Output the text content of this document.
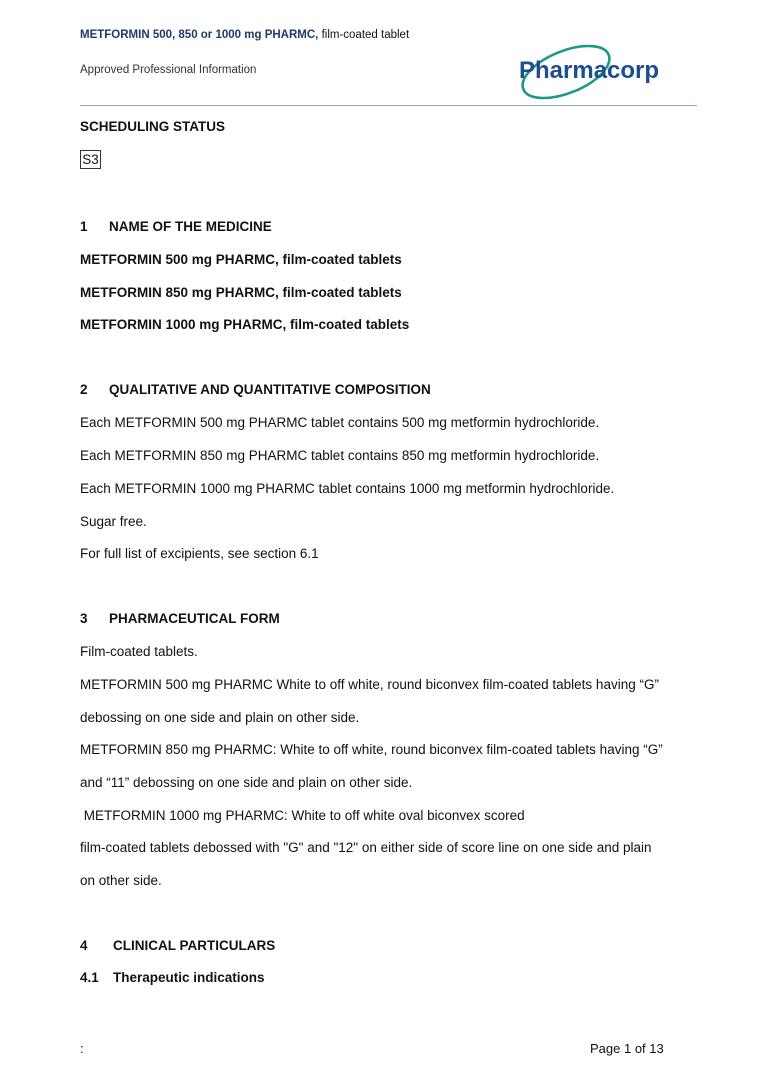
METFORMIN 500, 850 or 1000 mg PHARMC, film-coated tablet
Approved Professional Information	Pharmacorp
SCHEDULING STATUS
S3
1 NAME OF THE MEDICINE
METFORMIN 500 mg PHARMC, film-coated tablets
METFORMIN 850 mg PHARMC, film-coated tablets
METFORMIN 1000 mg PHARMC, film-coated tablets
2 QUALITATIVE AND QUANTITATIVE COMPOSITION
Each METFORMIN 500 mg PHARMC tablet contains 500 mg metformin hydrochloride.
Each METFORMIN 850 mg PHARMC tablet contains 850 mg metformin hydrochloride.
Each METFORMIN 1000 mg PHARMC tablet contains 1000 mg metformin hydrochloride.
Sugar free.
For full list of excipients, see section 6.1
3 PHARMACEUTICAL FORM
Film-coated tablets.
METFORMIN 500 mg PHARMC White to off white, round biconvex film-coated tablets having “G”
debossing on one side and plain on other side.
METFORMIN 850 mg PHARMC: White to off white, round biconvex film-coated tablets having “G”
and “11” debossing on one side and plain on other side.
METFORMIN 1000 mg PHARMC: White to off white oval biconvex scored
film-coated tablets debossed with "G" and "12" on either side of score line on one side and plain
on other side.
4 CLINICAL PARTICULARS
4.1 Therapeutic indications
:	Page 1 of 13
